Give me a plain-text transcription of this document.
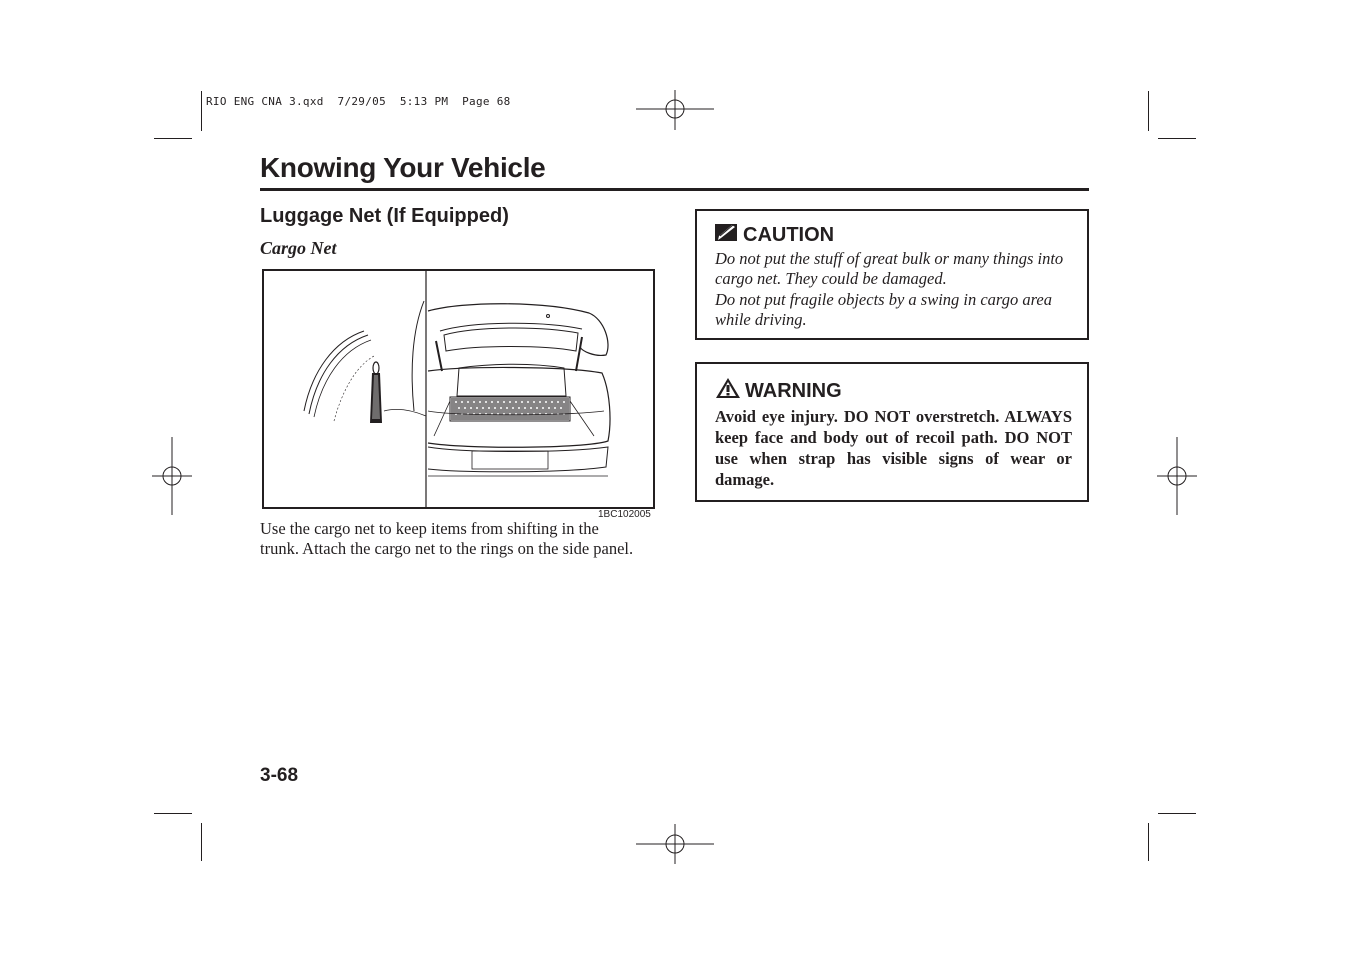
RIO ENG CNA 3.qxd  7/29/05  5:13 PM  Page 68
Knowing Your Vehicle
Luggage Net (If Equipped)
Cargo Net
1BC102005
Use the cargo net to keep items from shifting in the trunk. Attach the cargo net to the rings on the side panel.
CAUTION

Do not put the stuff of great bulk or many things into cargo net. They could be damaged.

Do not put fragile objects by a swing in cargo area while driving.

WARNING
Avoid eye injury. DO NOT overstretch. ALWAYS keep face and body out of recoil path. DO NOT use when strap has visible signs of wear or damage.
3-68
